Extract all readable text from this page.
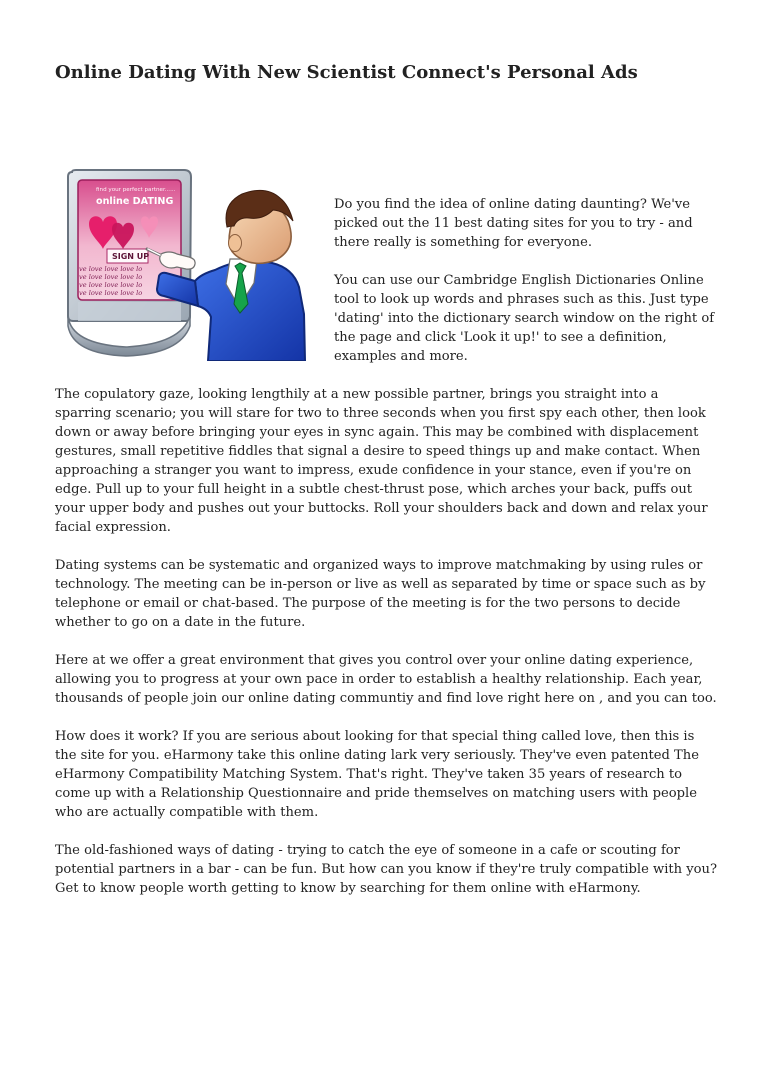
Online Dating With New Scientist Connect's Personal Ads
find your perfect partner......
online DATING
SIGN UP
ve love love love lo
ve love love love lo
ve love love love lo
ve love love love lo

Do you find the idea of online dating daunting? We've picked out the 11 best dating sites for you to try - and there really is something for everyone.

You can use our Cambridge English Dictionaries Online tool to look up words and phrases such as this. Just type 'dating' into the dictionary search window on the right of the page and click 'Look it up!' to see a definition, examples and more.

The copulatory gaze, looking lengthily at a new possible partner, brings you straight into a sparring scenario; you will stare for two to three seconds when you first spy each other, then look down or away before bringing your eyes in sync again. This may be combined with displacement gestures, small repetitive fiddles that signal a desire to speed things up and make contact. When approaching a stranger you want to impress, exude confidence in your stance, even if you're on edge. Pull up to your full height in a subtle chest-thrust pose, which arches your back, puffs out your upper body and pushes out your buttocks. Roll your shoulders back and down and relax your facial expression.

Dating systems can be systematic and organized ways to improve matchmaking by using rules or technology. The meeting can be in-person or live as well as separated by time or space such as by telephone or email or chat-based. The purpose of the meeting is for the two persons to decide whether to go on a date in the future.

Here at we offer a great environment that gives you control over your online dating experience, allowing you to progress at your own pace in order to establish a healthy relationship. Each year, thousands of people join our online dating communtiy and find love right here on , and you can too.

How does it work? If you are serious about looking for that special thing called love, then this is the site for you. eHarmony take this online dating lark very seriously. They've even patented The eHarmony Compatibility Matching System. That's right. They've taken 35 years of research to come up with a Relationship Questionnaire and pride themselves on matching users with people who are actually compatible with them.

The old-fashioned ways of dating - trying to catch the eye of someone in a cafe or scouting for potential partners in a bar - can be fun. But how can you know if they're truly compatible with you? Get to know people worth getting to know by searching for them online with eHarmony.
